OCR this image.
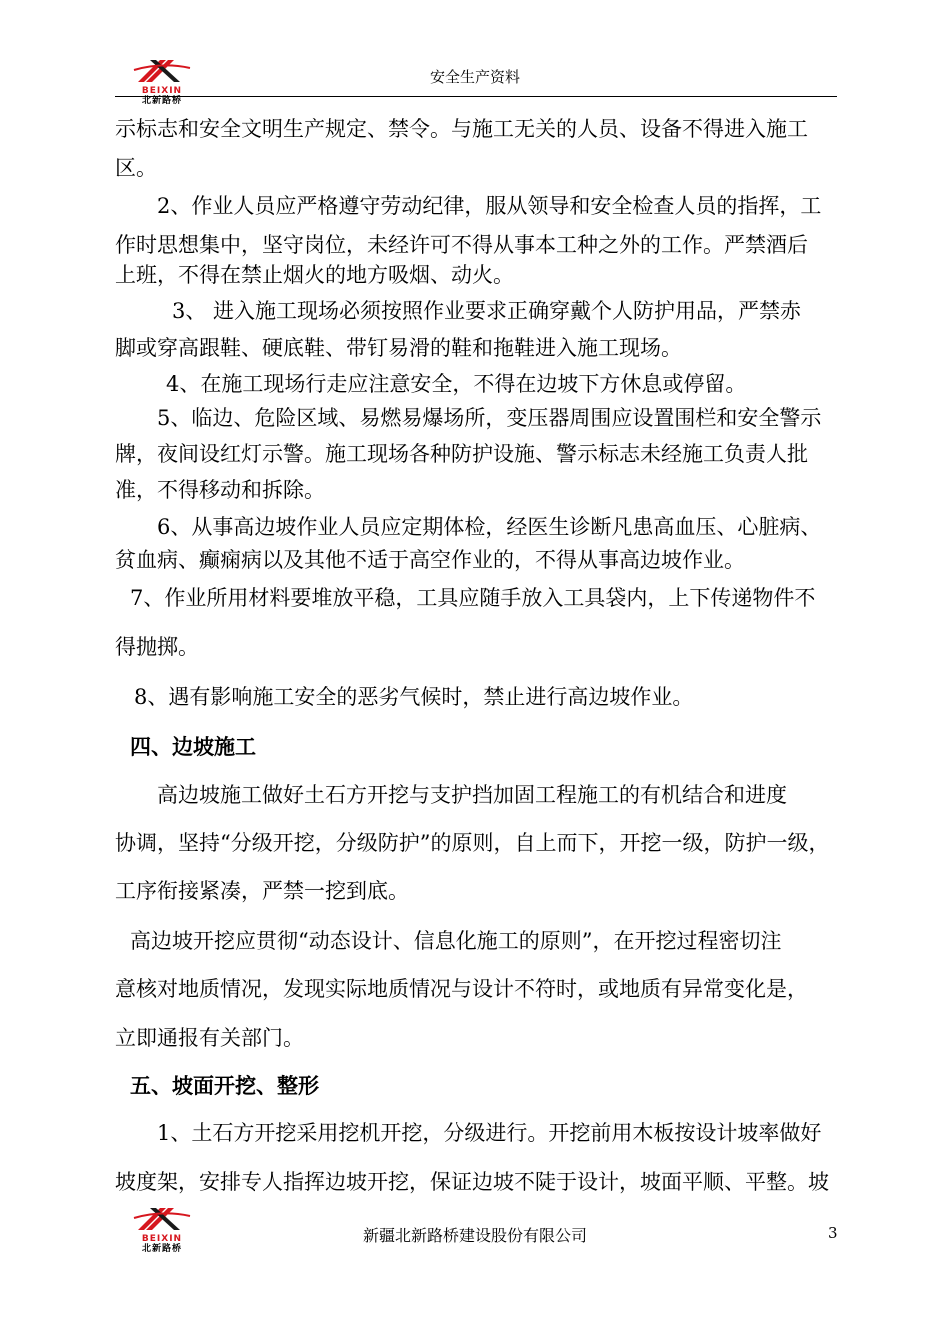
BEIXIN
北新路桥
安全生产资料
示标志和安全文明生产规定、禁令。与施工无关的人员、设备不得进入施工
区。
2、作业人员应严格遵守劳动纪律，服从领导和安全检查人员的指挥，工
作时思想集中，坚守岗位，未经许可不得从事本工种之外的工作。严禁酒后
上班，不得在禁止烟火的地方吸烟、动火。
3、 进入施工现场必须按照作业要求正确穿戴个人防护用品，严禁赤
脚或穿高跟鞋、硬底鞋、带钉易滑的鞋和拖鞋进入施工现场。
4、在施工现场行走应注意安全，不得在边坡下方休息或停留。
5、临边、危险区域、易燃易爆场所，变压器周围应设置围栏和安全警示
牌，夜间设红灯示警。施工现场各种防护设施、警示标志未经施工负责人批
准，不得移动和拆除。
6、从事高边坡作业人员应定期体检，经医生诊断凡患高血压、心脏病、
贫血病、癫痫病以及其他不适于高空作业的，不得从事高边坡作业。
7、作业所用材料要堆放平稳，工具应随手放入工具袋内，上下传递物件不
得抛掷。
8、遇有影响施工安全的恶劣气候时，禁止进行高边坡作业。
四、边坡施工
高边坡施工做好土石方开挖与支护挡加固工程施工的有机结合和进度
协调，坚持“分级开挖，分级防护”的原则，自上而下，开挖一级，防护一级，
工序衔接紧凑，严禁一挖到底。
高边坡开挖应贯彻“动态设计、信息化施工的原则”，在开挖过程密切注
意核对地质情况，发现实际地质情况与设计不符时，或地质有异常变化是，
立即通报有关部门。
五、坡面开挖、整形
1、土石方开挖采用挖机开挖，分级进行。开挖前用木板按设计坡率做好
坡度架，安排专人指挥边坡开挖，保证边坡不陡于设计，坡面平顺、平整。坡
BEIXIN
北新路桥
新疆北新路桥建设股份有限公司	3
